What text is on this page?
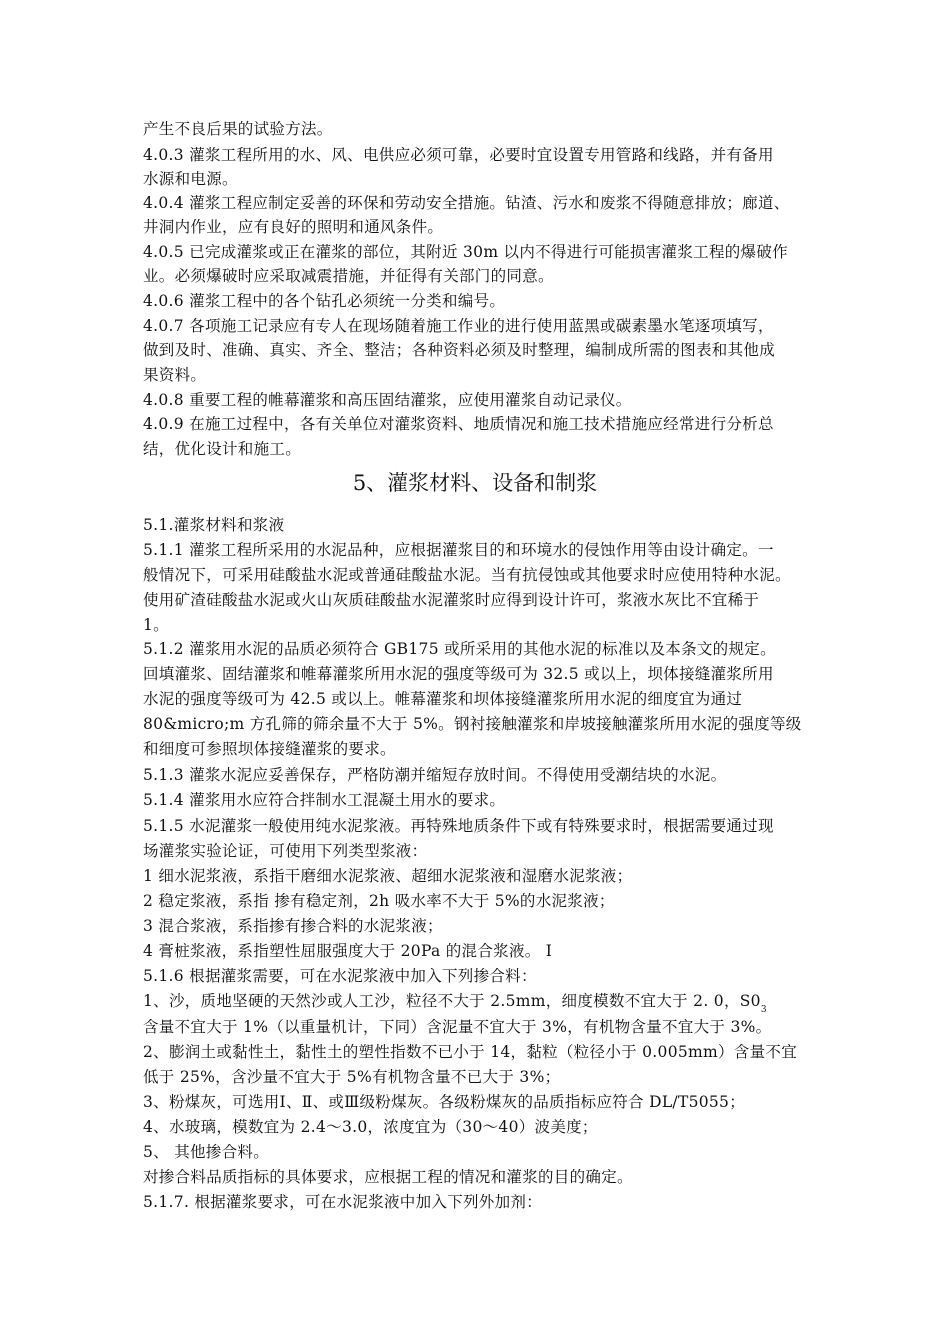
产生不良后果的试验方法。
4.0.3 灌浆工程所用的水、风、电供应必须可靠，必要时宜设置专用管路和线路，并有备用
水源和电源。
4.0.4 灌浆工程应制定妥善的环保和劳动安全措施。钻渣、污水和废浆不得随意排放；廊道、
井洞内作业，应有良好的照明和通风条件。
4.0.5 已完成灌浆或正在灌浆的部位，其附近 30m 以内不得进行可能损害灌浆工程的爆破作
业。必须爆破时应采取减震措施，并征得有关部门的同意。
4.0.6 灌浆工程中的各个钻孔必须统一分类和编号。
4.0.7 各项施工记录应有专人在现场随着施工作业的进行使用蓝黑或碳素墨水笔逐项填写，
做到及时、准确、真实、齐全、整洁；各种资料必须及时整理，编制成所需的图表和其他成
果资料。
4.0.8 重要工程的帷幕灌浆和高压固结灌浆，应使用灌浆自动记录仪。
4.0.9 在施工过程中，各有关单位对灌浆资料、地质情况和施工技术措施应经常进行分析总
结，优化设计和施工。
5、灌浆材料、设备和制浆
5.1.灌浆材料和浆液
5.1.1 灌浆工程所采用的水泥品种，应根据灌浆目的和环境水的侵蚀作用等由设计确定。一
般情况下，可采用硅酸盐水泥或普通硅酸盐水泥。当有抗侵蚀或其他要求时应使用特种水泥。
使用矿渣硅酸盐水泥或火山灰质硅酸盐水泥灌浆时应得到设计许可，浆液水灰比不宜稀于
1。
5.1.2 灌浆用水泥的品质必须符合 GB175 或所采用的其他水泥的标准以及本条文的规定。
回填灌浆、固结灌浆和帷幕灌浆所用水泥的强度等级可为 32.5 或以上，坝体接缝灌浆所用
水泥的强度等级可为 42.5 或以上。帷幕灌浆和坝体接缝灌浆所用水泥的细度宜为通过
80&micro;m 方孔筛的筛余量不大于 5%。钢衬接触灌浆和岸坡接触灌浆所用水泥的强度等级
和细度可参照坝体接缝灌浆的要求。
5.1.3 灌浆水泥应妥善保存，严格防潮并缩短存放时间。不得使用受潮结块的水泥。
5.1.4 灌浆用水应符合拌制水工混凝土用水的要求。
5.1.5 水泥灌浆一般使用纯水泥浆液。再特殊地质条件下或有特殊要求时，根据需要通过现
场灌浆实验论证，可使用下列类型浆液：
1 细水泥浆液，系指干磨细水泥浆液、超细水泥浆液和湿磨水泥浆液；
2 稳定浆液，系指 掺有稳定剂，2h 吸水率不大于 5%的水泥浆液；
3 混合浆液，系指掺有掺合料的水泥浆液；
4 膏桩浆液，系指塑性屈服强度大于 20Pa 的混合浆液。 I
5.1.6 根据灌浆需要，可在水泥浆液中加入下列掺合料：
1、沙，质地坚硬的天然沙或人工沙，粒径不大于 2.5mm，细度模数不宜大于 2. 0，$S0_3$
含量不宜大于 1%（以重量机计，下同）含泥量不宜大于 3%，有机物含量不宜大于 3%。
2、膨润土或黏性土，黏性土的塑性指数不已小于 14，黏粒（粒径小于 0.005mm）含量不宜
低于 25%，含沙量不宜大于 5%有机物含量不已大于 3%；
3、粉煤灰，可选用Ⅰ、Ⅱ、或Ⅲ级粉煤灰。各级粉煤灰的品质指标应符合 DL/T5055；
4、水玻璃，模数宜为 2.4～3.0，浓度宜为（30～40）波美度；
5、 其他掺合料。
对掺合料品质指标的具体要求，应根据工程的情况和灌浆的目的确定。
5.1.7. 根据灌浆要求，可在水泥浆液中加入下列外加剂：
